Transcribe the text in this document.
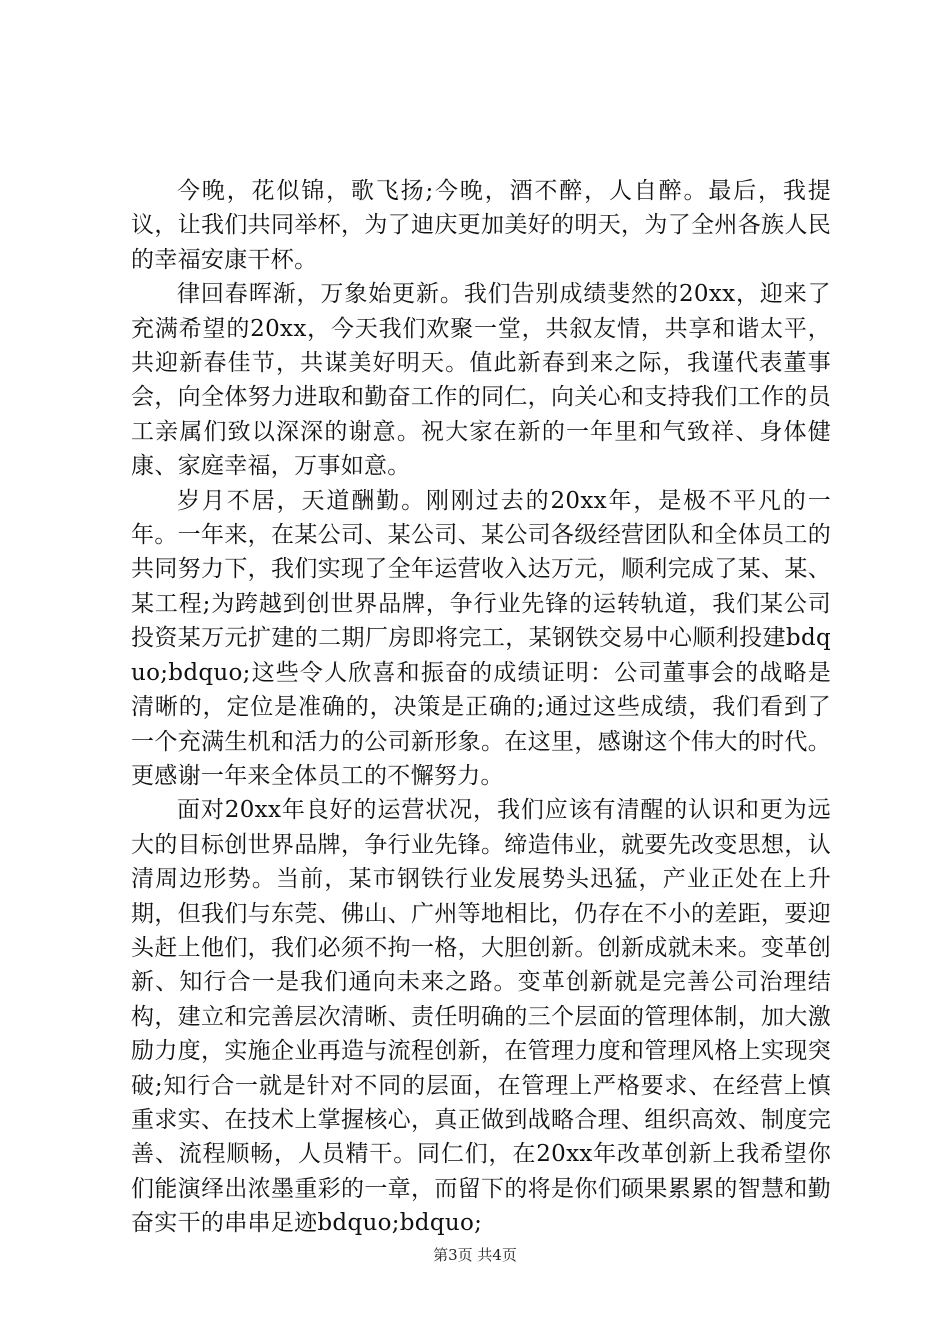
今晚，花似锦，歌飞扬;今晚，酒不醉，人自醉。最后，我提议，让我们共同举杯，为了迪庆更加美好的明天，为了全州各族人民的幸福安康干杯。

律回春晖渐，万象始更新。我们告别成绩斐然的20xx，迎来了充满希望的20xx，今天我们欢聚一堂，共叙友情，共享和谐太平，共迎新春佳节，共谋美好明天。值此新春到来之际，我谨代表董事会，向全体努力进取和勤奋工作的同仁，向关心和支持我们工作的员工亲属们致以深深的谢意。祝大家在新的一年里和气致祥、身体健康、家庭幸福，万事如意。

岁月不居，天道酬勤。刚刚过去的20xx年，是极不平凡的一年。一年来，在某公司、某公司、某公司各级经营团队和全体员工的共同努力下，我们实现了全年运营收入达万元，顺利完成了某、某、某工程;为跨越到创世界品牌，争行业先锋的运转轨道，我们某公司投资某万元扩建的二期厂房即将完工，某钢铁交易中心顺利投建bdquo;bdquo;这些令人欣喜和振奋的成绩证明：公司董事会的战略是清晰的，定位是准确的，决策是正确的;通过这些成绩，我们看到了一个充满生机和活力的公司新形象。在这里，感谢这个伟大的时代。更感谢一年来全体员工的不懈努力。

面对20xx年良好的运营状况，我们应该有清醒的认识和更为远大的目标创世界品牌，争行业先锋。缔造伟业，就要先改变思想，认清周边形势。当前，某市钢铁行业发展势头迅猛，产业正处在上升期，但我们与东莞、佛山、广州等地相比，仍存在不小的差距，要迎头赶上他们，我们必须不拘一格，大胆创新。创新成就未来。变革创新、知行合一是我们通向未来之路。变革创新就是完善公司治理结构，建立和完善层次清晰、责任明确的三个层面的管理体制，加大激励力度，实施企业再造与流程创新，在管理力度和管理风格上实现突破;知行合一就是针对不同的层面，在管理上严格要求、在经营上慎重求实、在技术上掌握核心，真正做到战略合理、组织高效、制度完善、流程顺畅，人员精干。同仁们，在20xx年改革创新上我希望你们能演绎出浓墨重彩的一章，而留下的将是你们硕果累累的智慧和勤奋实干的串串足迹bdquo;bdquo;

第3页 共4页
